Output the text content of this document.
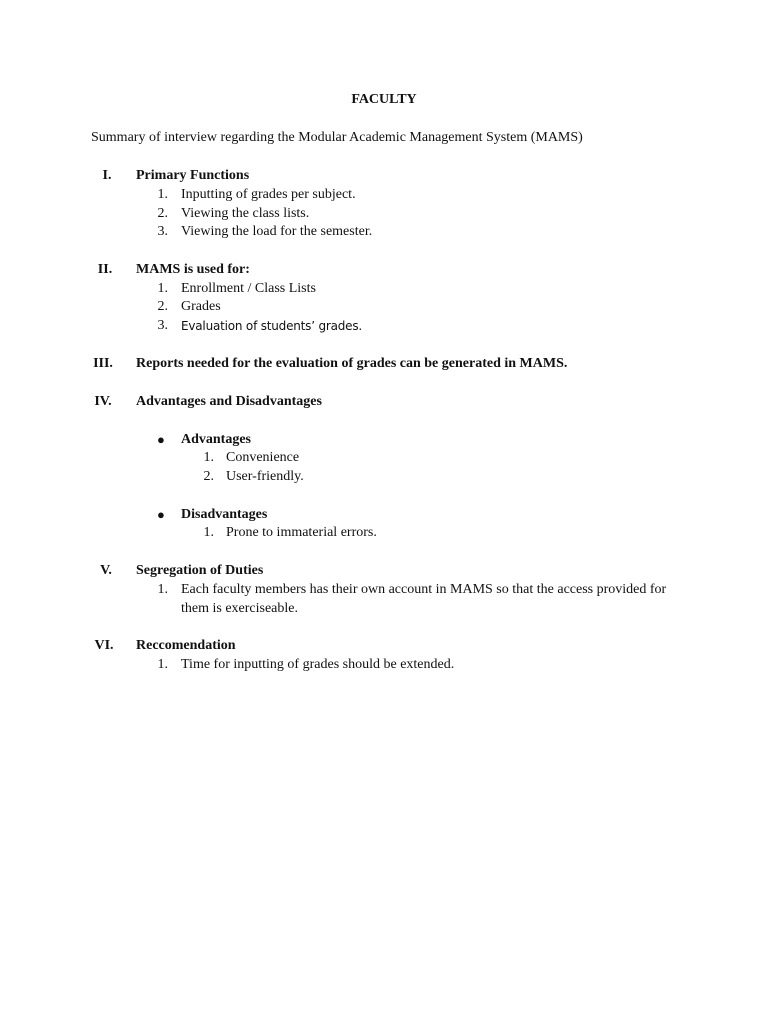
FACULTY
Summary of interview regarding the Modular Academic Management System (MAMS)
I.	Primary Functions
1. Inputting of grades per subject.
2. Viewing the class lists.
3. Viewing the load for the semester.
II.	MAMS is used for:
1. Enrollment / Class Lists
2. Grades
3. Evaluation of students’ grades.
III.	Reports needed for the evaluation of grades can be generated in MAMS.
IV.	Advantages and Disadvantages
● Advantages
1. Convenience
2. User-friendly.
● Disadvantages
1. Prone to immaterial errors.
V.	Segregation of Duties
1. Each faculty members has their own account in MAMS so that the access provided for
them is exerciseable.
VI.	Reccomendation
1. Time for inputting of grades should be extended.
